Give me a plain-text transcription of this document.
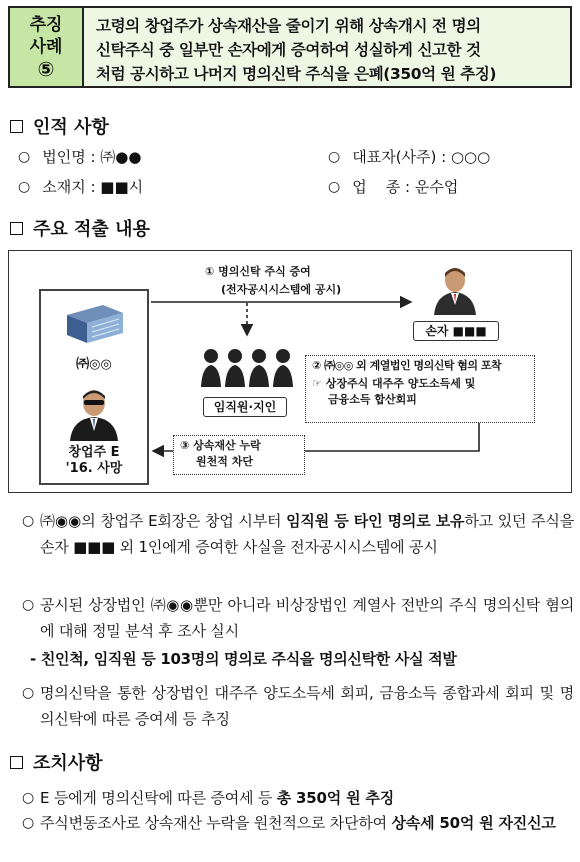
추징
사례
⑤
고령의 창업주가 상속재산을 줄이기 위해 상속개시 전 명의
신탁주식 중 일부만 손자에게 증여하여 성실하게 신고한 것
처럼 공시하고 나머지 명의신탁 주식을 은폐(350억 원 추징)
인적 사항
○ 법인명 : ㈜●●	○ 대표자(사주) : ○○○
○ 소재지 : ■■시	○ 업    종 : 운수업
주요 적출 내용
㈜◎◎
창업주 E
'16. 사망
① 명의신탁 주식 증여
(전자공시시스템에 공시)
손자 ■■■
임직원·지인
② ㈜◎◎ 외 계열법인 명의신탁 혐의 포착
☞ 상장주식 대주주 양도소득세 및
금융소득 합산회피
③ 상속재산 누락
원천적 차단
○ ㈜◉◉의 창업주 E회장은 창업 시부터 임직원 등 타인 명의로 보유하고 있던 주식을 손자 ■■■ 외 1인에게 증여한 사실을 전자공시시스템에 공시
○ 공시된 상장법인 ㈜◉◉뿐만 아니라 비상장법인 계열사 전반의 주식 명의신탁 혐의에 대해 정밀 분석 후 조사 실시
- 친인척, 임직원 등 103명의 명의로 주식을 명의신탁한 사실 적발
○ 명의신탁을 통한 상장법인 대주주 양도소득세 회피, 금융소득 종합과세 회피 및 명의신탁에 따른 증여세 등 추징
조치사항
○ E 등에게 명의신탁에 따른 증여세 등 총 350억 원 추징
○ 주식변동조사로 상속재산 누락을 원천적으로 차단하여 상속세 50억 원 자진신고
